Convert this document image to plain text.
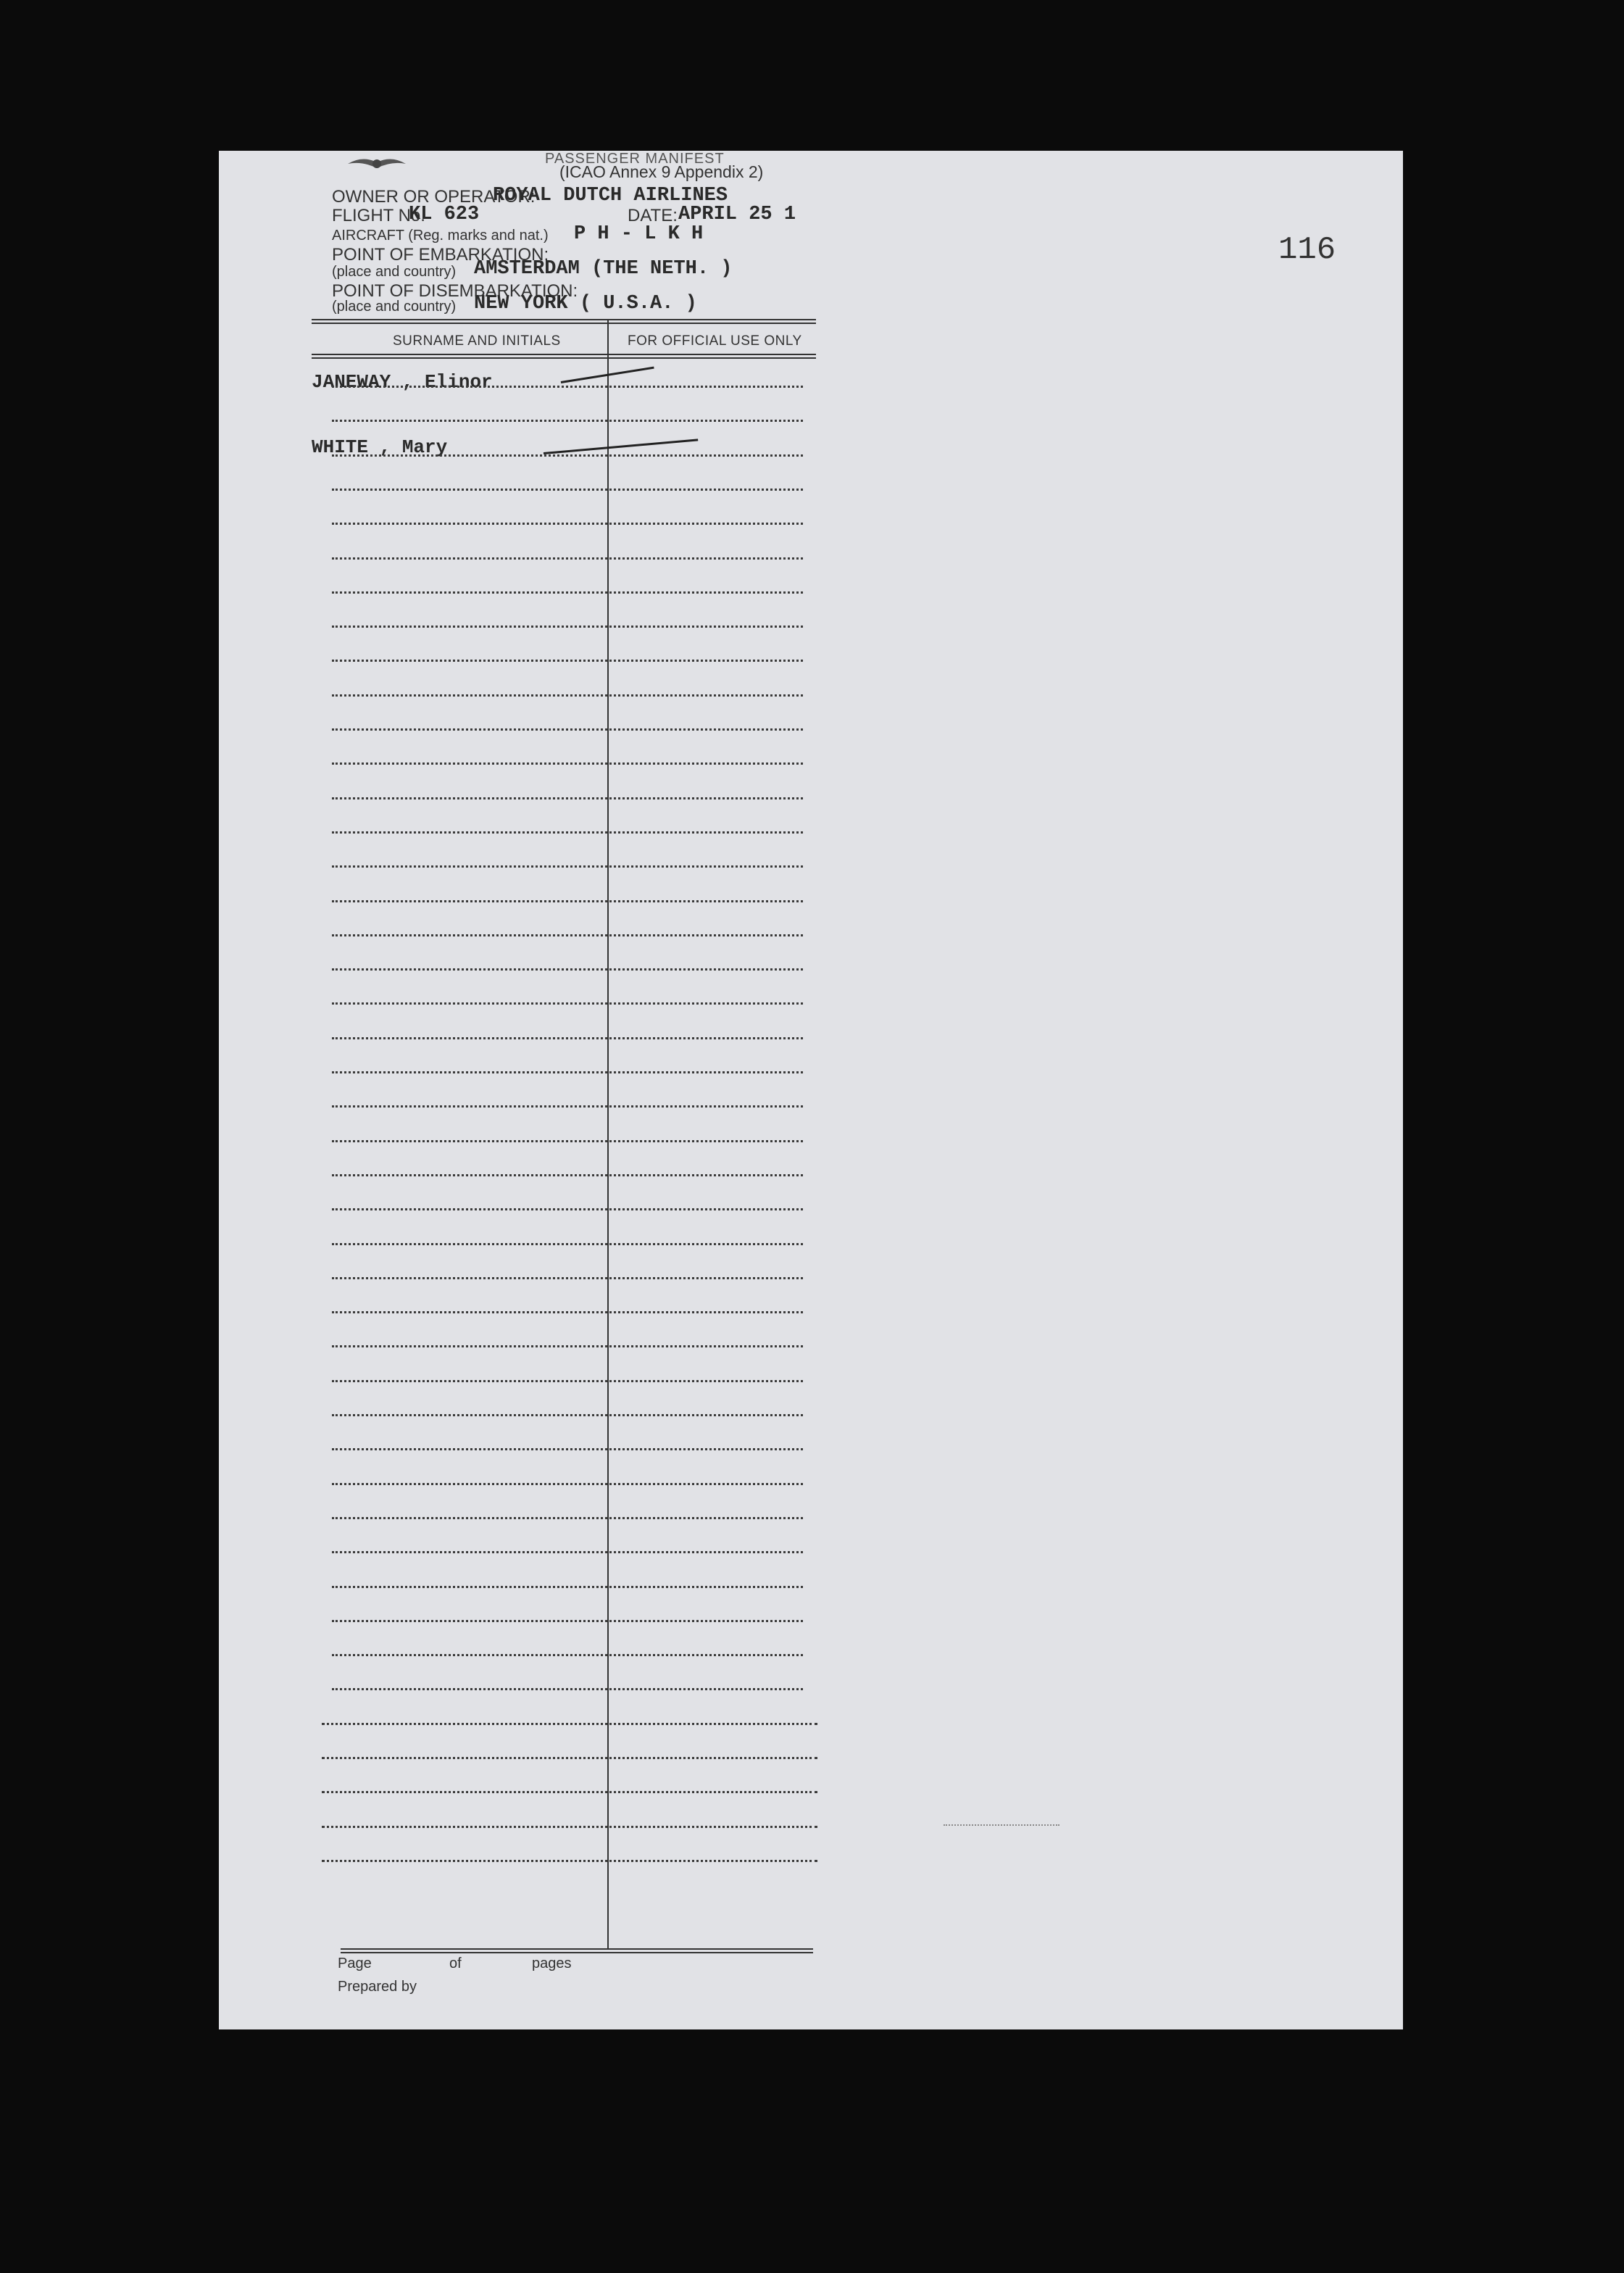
116
PASSENGER MANIFEST
(ICAO Annex 9 Appendix 2)
OWNER OR OPERATOR:
ROYAL DUTCH AIRLINES
FLIGHT No.
KL 623	DATE: APRIL 25 1
AIRCRAFT (Reg. marks and nat.) P H - L K H
POINT OF EMBARKATION:
(place and country) AMSTERDAM (THE NETH. )
POINT OF DISEMBARKATION:
(place and country) NEW YORK ( U.S.A. )
SURNAME AND INITIALS	FOR OFFICIAL USE ONLY
JANEWAY , Elinor
WHITE , Mary
Page	of	pages
Prepared by
